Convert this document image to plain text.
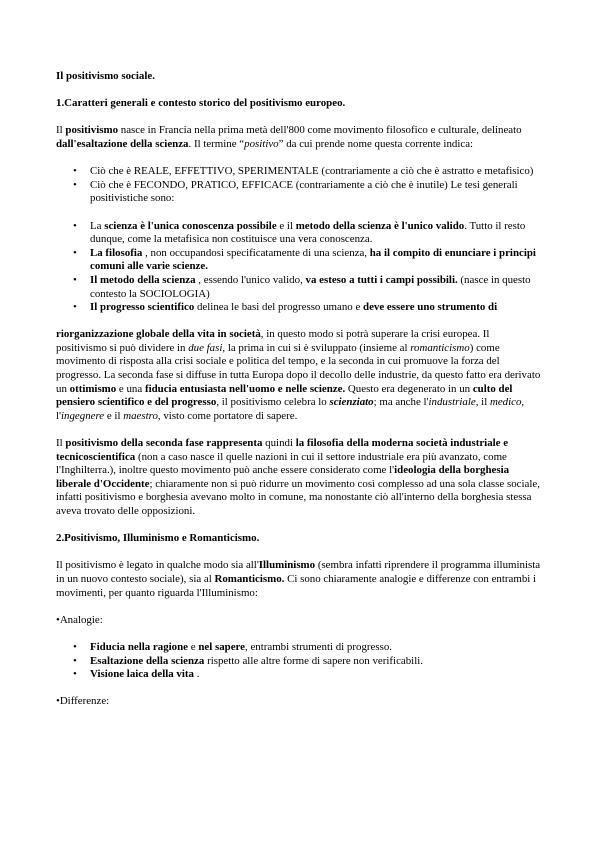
Il positivismo sociale.

1.Caratteri generali e contesto storico del positivismo europeo.

Il positivismo nasce in Francia nella prima metà dell'800 come movimento filosofico e culturale, delineato dall'esaltazione della scienza. Il termine “positivo” da cui prende nome questa corrente indica:

• Ciò che è REALE, EFFETTIVO, SPERIMENTALE (contrariamente a ciò che è astratto e metafisico)
• Ciò che è FECONDO, PRATICO, EFFICACE (contrariamente a ciò che è inutile) Le tesi generali positivistiche sono:
• La scienza è l'unica conoscenza possibile e il metodo della scienza è l'unico valido. Tutto il resto dunque, come la metafisica non costituisce una vera conoscenza.
• La filosofia , non occupandosi specificatamente di una scienza, ha il compito di enunciare i principi comuni alle varie scienze.
• Il metodo della scienza , essendo l'unico valido, va esteso a tutti i campi possibili. (nasce in questo contesto la SOCIOLOGIA)
• Il progresso scientifico delinea le basi del progresso umano e deve essere uno strumento di

riorganizzazione globale della vita in società, in questo modo si potrà superare la crisi europea. Il positivismo si può dividere in due fasi, la prima in cui si è sviluppato (insieme al romanticismo) come movimento di risposta alla crisi sociale e politica del tempo, e la seconda in cui promuove la forza del progresso. La seconda fase si diffuse in tutta Europa dopo il decollo delle industrie, da questo fatto era derivato un ottimismo e una fiducia entusiasta nell'uomo e nelle scienze. Questo era degenerato in un culto del pensiero scientifico e del progresso, il positivismo celebra lo scienziato; ma anche l'industriale, il medico, l'ingegnere e il maestro, visto come portatore di sapere.

Il positivismo della seconda fase rappresenta quindi la filosofia della moderna società industriale e tecnicoscientifica (non a caso nasce il quelle nazioni in cui il settore industriale era più avanzato, come l'Inghilterra.), inoltre questo movimento può anche essere considerato come l'ideologia della borghesia liberale d'Occidente; chiaramente non si può ridurre un movimento così complesso ad una sola classe sociale, infatti positivismo e borghesia avevano molto in comune, ma nonostante ciò all'interno della borghesia stessa aveva trovato delle opposizioni.

2.Positivismo, Illuminismo e Romanticismo.

Il positivismo è legato in qualche modo sia all'Illuminismo (sembra infatti riprendere il programma illuminista in un nuovo contesto sociale), sia al Romanticismo. Ci sono chiaramente analogie e differenze con entrambi i movimenti, per quanto riguarda l'Illuminismo:

•Analogie:

• Fiducia nella ragione e nel sapere, entrambi strumenti di progresso.
• Esaltazione della scienza rispetto alle altre forme di sapere non verificabili.
• Visione laica della vita .

•Differenze:
